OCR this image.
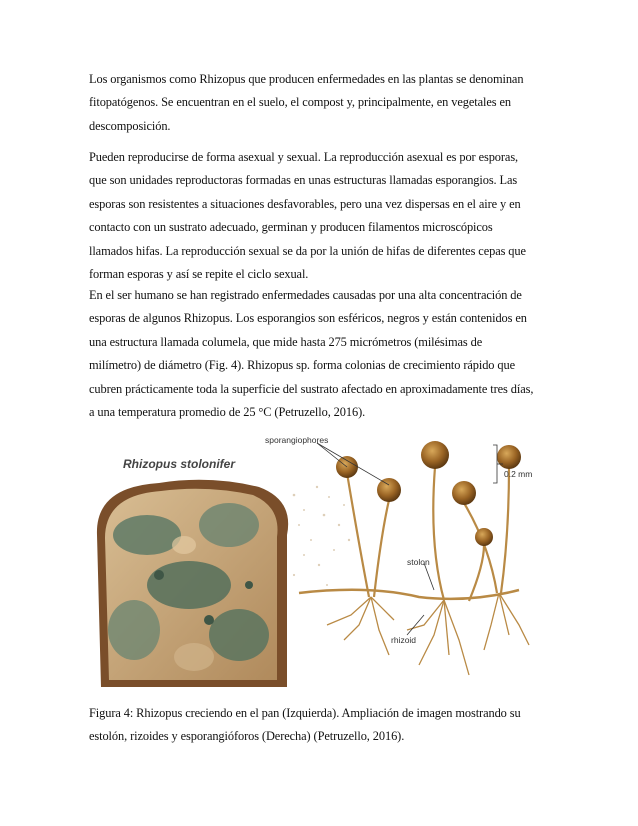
Los organismos como Rhizopus que producen enfermedades en las plantas se denominan
fitopatógenos. Se encuentran en el suelo, el compost y, principalmente, en vegetales en
descomposición.
Pueden reproducirse de forma asexual y sexual. La reproducción asexual es por esporas,
que son unidades reproductoras formadas en unas estructuras llamadas esporangios. Las
esporas son resistentes a situaciones desfavorables, pero una vez dispersas en el aire y en
contacto con un sustrato adecuado, germinan y producen filamentos microscópicos
llamados hifas. La reproducción sexual se da por la unión de hifas de diferentes cepas que
forman esporas y así se repite el ciclo sexual.
En el ser humano se han registrado enfermedades causadas por una alta concentración de
esporas de algunos Rhizopus. Los esporangios son esféricos, negros y están contenidos en
una estructura llamada columela, que mide hasta 275 micrómetros (milésimas de
milímetro) de diámetro (Fig. 4). Rhizopus sp. forma colonias de crecimiento rápido que
cubren prácticamente toda la superficie del sustrato afectado en aproximadamente tres días,
a una temperatura promedio de 25 °C (Petruzello, 2016).
Rhizopus stolonifer
sporangiophores
0.2 mm
stolon
rhizoid
Figura 4: Rhizopus creciendo en el pan (Izquierda). Ampliación de imagen mostrando su
estolón, rizoides y esporangióforos (Derecha) (Petruzello, 2016).
